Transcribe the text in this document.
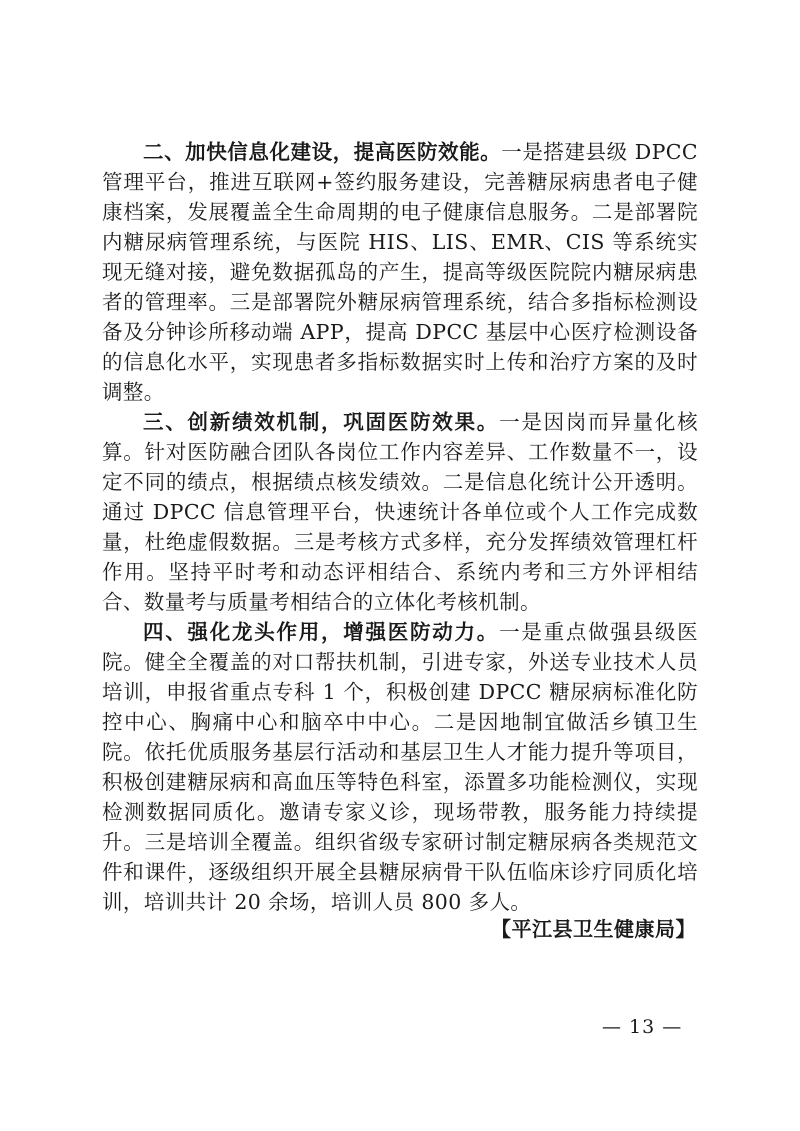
二、加快信息化建设，提高医防效能。一是搭建县级 DPCC 管理平台，推进互联网+签约服务建设，完善糖尿病患者电子健康档案，发展覆盖全生命周期的电子健康信息服务。二是部署院内糖尿病管理系统，与医院 HIS、LIS、EMR、CIS 等系统实现无缝对接，避免数据孤岛的产生，提高等级医院院内糖尿病患者的管理率。三是部署院外糖尿病管理系统，结合多指标检测设备及分钟诊所移动端 APP，提高 DPCC 基层中心医疗检测设备的信息化水平，实现患者多指标数据实时上传和治疗方案的及时调整。

三、创新绩效机制，巩固医防效果。一是因岗而异量化核算。针对医防融合团队各岗位工作内容差异、工作数量不一，设定不同的绩点，根据绩点核发绩效。二是信息化统计公开透明。通过 DPCC 信息管理平台，快速统计各单位或个人工作完成数量，杜绝虚假数据。三是考核方式多样，充分发挥绩效管理杠杆作用。坚持平时考和动态评相结合、系统内考和三方外评相结合、数量考与质量考相结合的立体化考核机制。

四、强化龙头作用，增强医防动力。一是重点做强县级医院。健全全覆盖的对口帮扶机制，引进专家，外送专业技术人员培训，申报省重点专科 1 个，积极创建 DPCC 糖尿病标准化防控中心、胸痛中心和脑卒中中心。二是因地制宜做活乡镇卫生院。依托优质服务基层行活动和基层卫生人才能力提升等项目，积极创建糖尿病和高血压等特色科室，添置多功能检测仪，实现检测数据同质化。邀请专家义诊，现场带教，服务能力持续提升。三是培训全覆盖。组织省级专家研讨制定糖尿病各类规范文件和课件，逐级组织开展全县糖尿病骨干队伍临床诊疗同质化培训，培训共计 20 余场，培训人员 800 多人。

【平江县卫生健康局】
— 13 —
